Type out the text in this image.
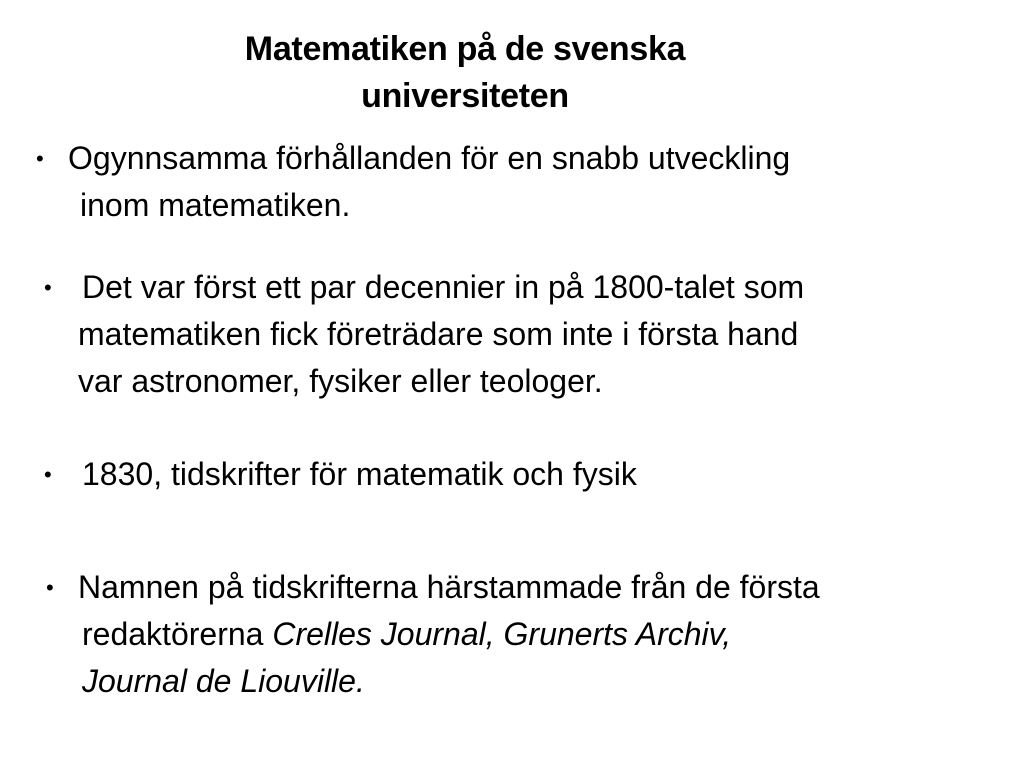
Matematiken på de svenska
universiteten
• Ogynnsamma förhållanden för en snabb utveckling
inom matematiken.
• Det var först ett par decennier in på 1800-talet som
matematiken fick företrädare som inte i första hand
var astronomer, fysiker eller teologer.
• 1830, tidskrifter för matematik och fysik
• Namnen på tidskrifterna härstammade från de första
redaktörerna Crelles Journal, Grunerts Archiv,
Journal de Liouville.
